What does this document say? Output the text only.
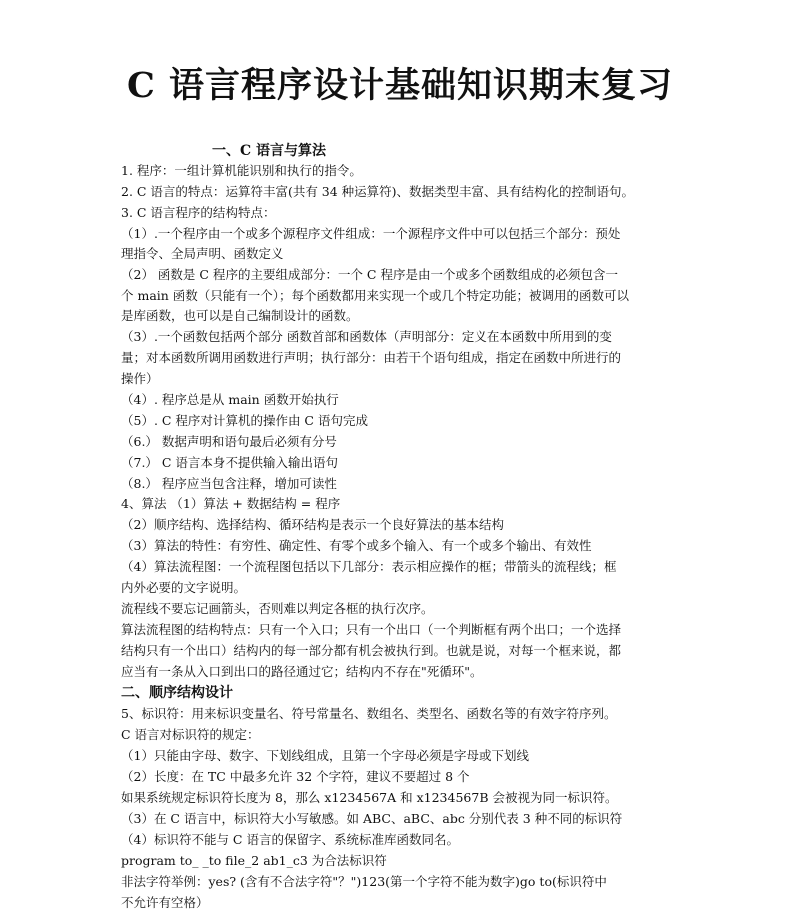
C 语言程序设计基础知识期末复习
一、C 语言与算法
1. 程序：一组计算机能识别和执行的指令。
2. C 语言的特点：运算符丰富(共有 34 种运算符)、数据类型丰富、具有结构化的控制语句。
3. C 语言程序的结构特点：
（1）.一个程序由一个或多个源程序文件组成：一个源程序文件中可以包括三个部分：预处
理指令、全局声明、函数定义
（2） 函数是 C 程序的主要组成部分：一个 C 程序是由一个或多个函数组成的必须包含一
个 main 函数（只能有一个）；每个函数都用来实现一个或几个特定功能；被调用的函数可以
是库函数，也可以是自己编制设计的函数。
（3）.一个函数包括两个部分 函数首部和函数体（声明部分：定义在本函数中所用到的变
量；对本函数所调用函数进行声明；执行部分：由若干个语句组成，指定在函数中所进行的
操作）
（4）. 程序总是从 main 函数开始执行
（5）. C 程序对计算机的操作由 C 语句完成
（6.） 数据声明和语句最后必须有分号
（7.） C 语言本身不提供输入输出语句
（8.） 程序应当包含注释，增加可读性
4、算法 （1）算法 + 数据结构 = 程序
（2）顺序结构、选择结构、循环结构是表示一个良好算法的基本结构
（3）算法的特性：有穷性、确定性、有零个或多个输入、有一个或多个输出、有效性
（4）算法流程图：一个流程图包括以下几部分：表示相应操作的框；带箭头的流程线；框
内外必要的文字说明。
流程线不要忘记画箭头，否则难以判定各框的执行次序。
算法流程图的结构特点：只有一个入口；只有一个出口（一个判断框有两个出口；一个选择
结构只有一个出口）结构内的每一部分都有机会被执行到。也就是说，对每一个框来说，都
应当有一条从入口到出口的路径通过它；结构内不存在"死循环"。
二、顺序结构设计
5、标识符：用来标识变量名、符号常量名、数组名、类型名、函数名等的有效字符序列。
C 语言对标识符的规定：
（1）只能由字母、数字、下划线组成，且第一个字母必须是字母或下划线
（2）长度：在 TC 中最多允许 32 个字符，建议不要超过 8 个
如果系统规定标识符长度为 8，那么 x1234567A 和 x1234567B 会被视为同一标识符。
（3）在 C 语言中，标识符大小写敏感。如 ABC、aBC、abc 分别代表 3 种不同的标识符
（4）标识符不能与 C 语言的保留字、系统标准库函数同名。
program to_ _to file_2 ab1_c3 为合法标识符
非法字符举例：yes? (含有不合法字符"？")123(第一个字符不能为数字)go to(标识符中
不允许有空格）
